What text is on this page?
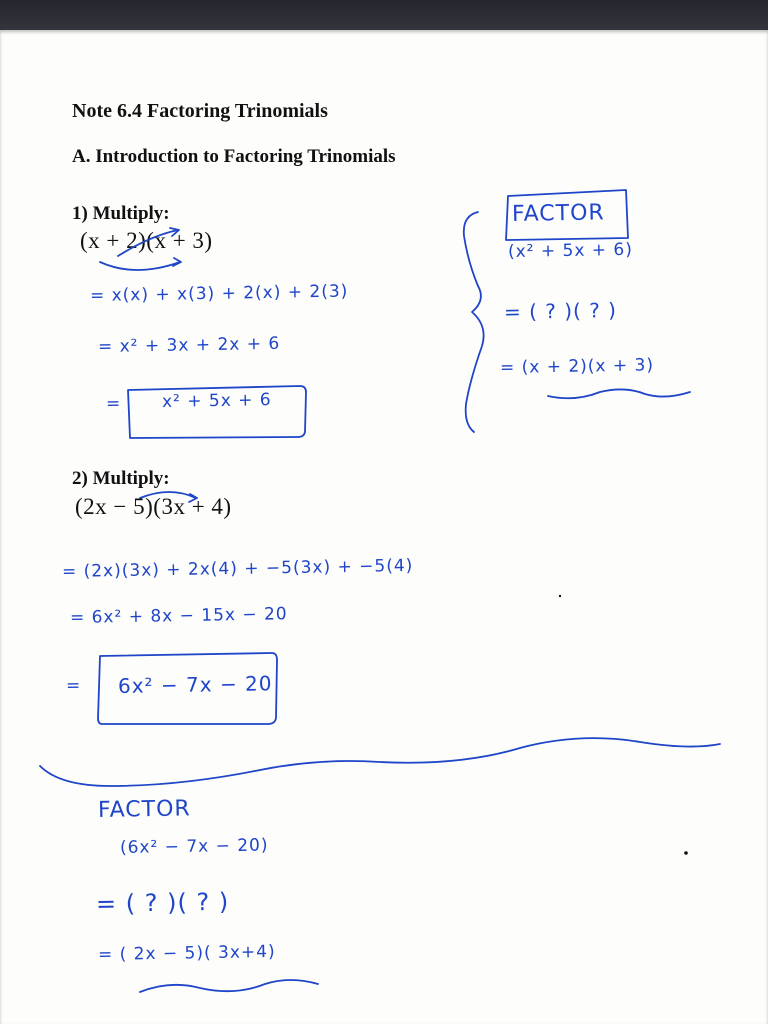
Note 6.4 Factoring Trinomials
A. Introduction to Factoring Trinomials
1) Multiply:
(x + 2)(x + 3)
2) Multiply:
(2x − 5)(3x + 4)
= x(x) + x(3) + 2(x) + 2(3)
= x² + 3x + 2x + 6
= x² + 5x + 6
FACTOR
(x² + 5x + 6)
= ( ? )( ? )
= (x + 2)(x + 3)
= (2x)(3x) + 2x(4) + −5(3x) + −5(4)
= 6x² + 8x − 15x − 20
= 6x² − 7x − 20
FACTOR
(6x² − 7x − 20)
= ( ? )( ? )
= ( 2x − 5)( 3x+4)
